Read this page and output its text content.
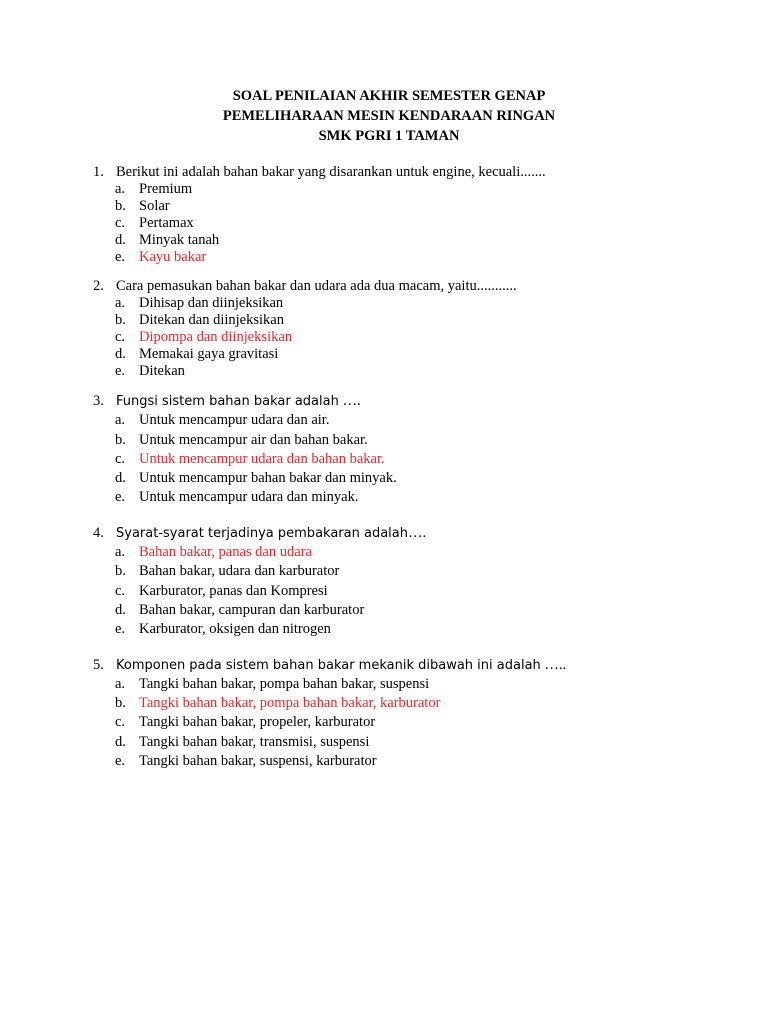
SOAL PENILAIAN AKHIR SEMESTER GENAP
PEMELIHARAAN MESIN KENDARAAN RINGAN
SMK PGRI 1 TAMAN
1. Berikut ini adalah bahan bakar yang disarankan untuk engine, kecuali.......
a. Premium
b. Solar
c. Pertamax
d. Minyak tanah
e. Kayu bakar
2. Cara pemasukan bahan bakar dan udara ada dua macam, yaitu...........
a. Dihisap dan diinjeksikan
b. Ditekan dan diinjeksikan
c. Dipompa dan diinjeksikan
d. Memakai gaya gravitasi
e. Ditekan
3. Fungsi sistem bahan bakar adalah ….
a. Untuk mencampur udara dan air.
b. Untuk mencampur air dan bahan bakar.
c. Untuk mencampur udara dan bahan bakar.
d. Untuk mencampur bahan bakar dan minyak.
e. Untuk mencampur udara dan minyak.
4. Syarat-syarat terjadinya pembakaran adalah….
a. Bahan bakar, panas dan udara
b. Bahan bakar, udara dan karburator
c. Karburator, panas dan Kompresi
d. Bahan bakar, campuran dan karburator
e. Karburator, oksigen dan nitrogen
5. Komponen pada sistem bahan bakar mekanik dibawah ini adalah …..
a. Tangki bahan bakar, pompa bahan bakar, suspensi
b. Tangki bahan bakar, pompa bahan bakar, karburator
c. Tangki bahan bakar, propeler, karburator
d. Tangki bahan bakar, transmisi, suspensi
e. Tangki bahan bakar, suspensi, karburator
